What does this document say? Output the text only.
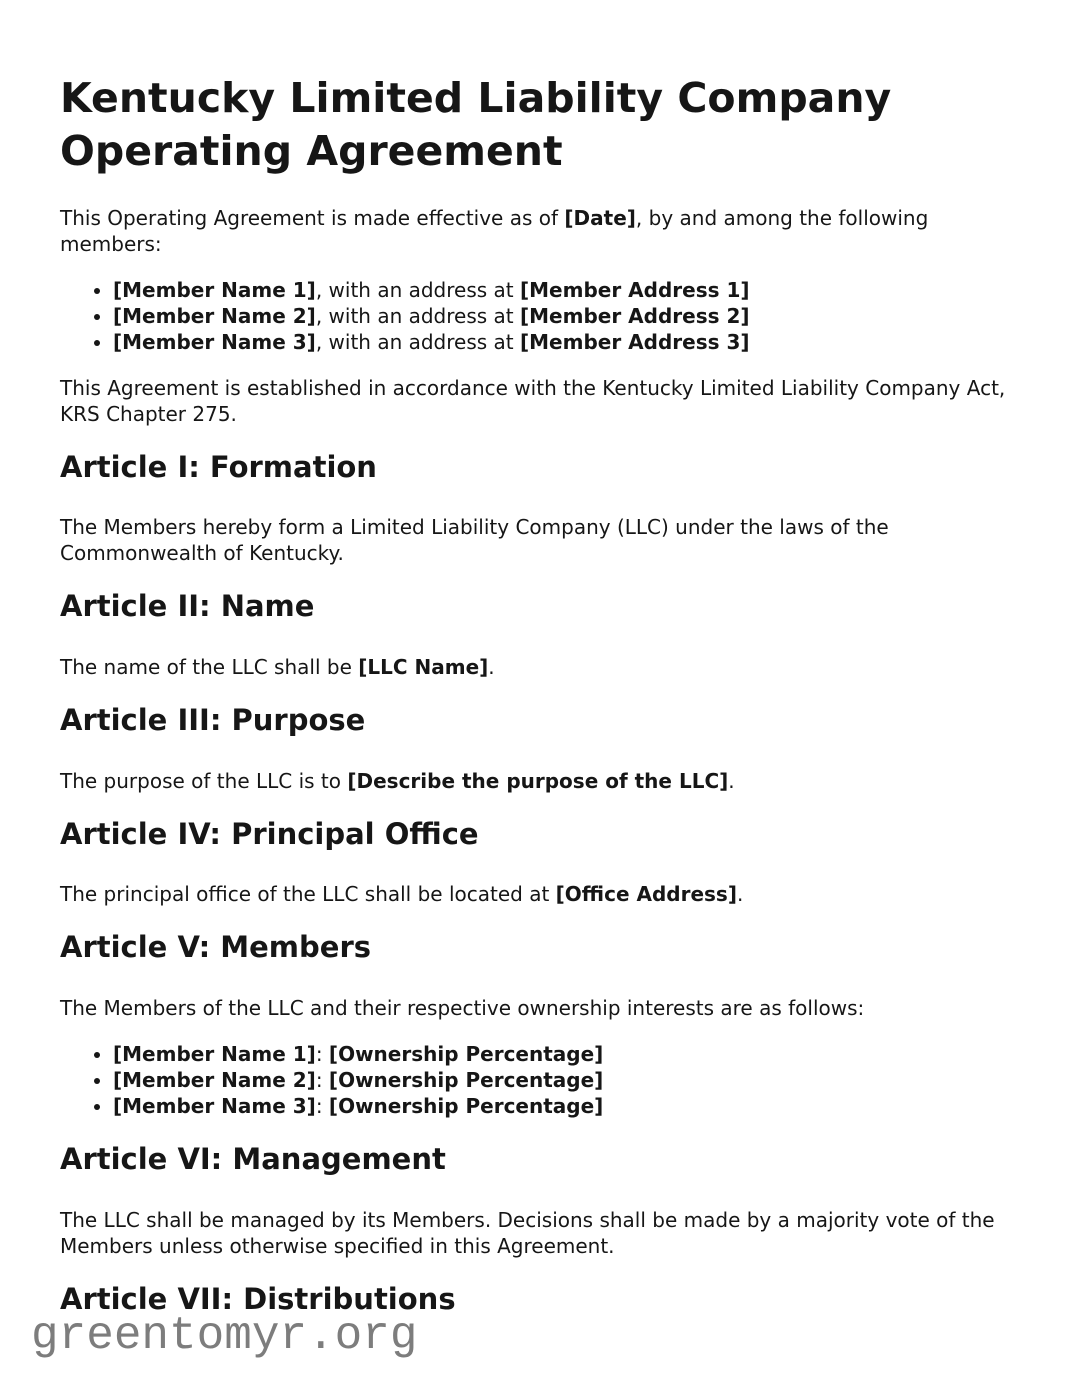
Kentucky Limited Liability Company Operating Agreement

This Operating Agreement is made effective as of [Date], by and among the following members:

• [Member Name 1], with an address at [Member Address 1]
• [Member Name 2], with an address at [Member Address 2]
• [Member Name 3], with an address at [Member Address 3]

This Agreement is established in accordance with the Kentucky Limited Liability Company Act, KRS Chapter 275.

Article I: Formation

The Members hereby form a Limited Liability Company (LLC) under the laws of the Commonwealth of Kentucky.

Article II: Name

The name of the LLC shall be [LLC Name].

Article III: Purpose

The purpose of the LLC is to [Describe the purpose of the LLC].

Article IV: Principal Office

The principal office of the LLC shall be located at [Office Address].

Article V: Members

The Members of the LLC and their respective ownership interests are as follows:

• [Member Name 1]: [Ownership Percentage]
• [Member Name 2]: [Ownership Percentage]
• [Member Name 3]: [Ownership Percentage]
Article VI: Management

The LLC shall be managed by its Members. Decisions shall be made by a majority vote of the Members unless otherwise specified in this Agreement.

Article VII: Distributions
greentomyr.org
